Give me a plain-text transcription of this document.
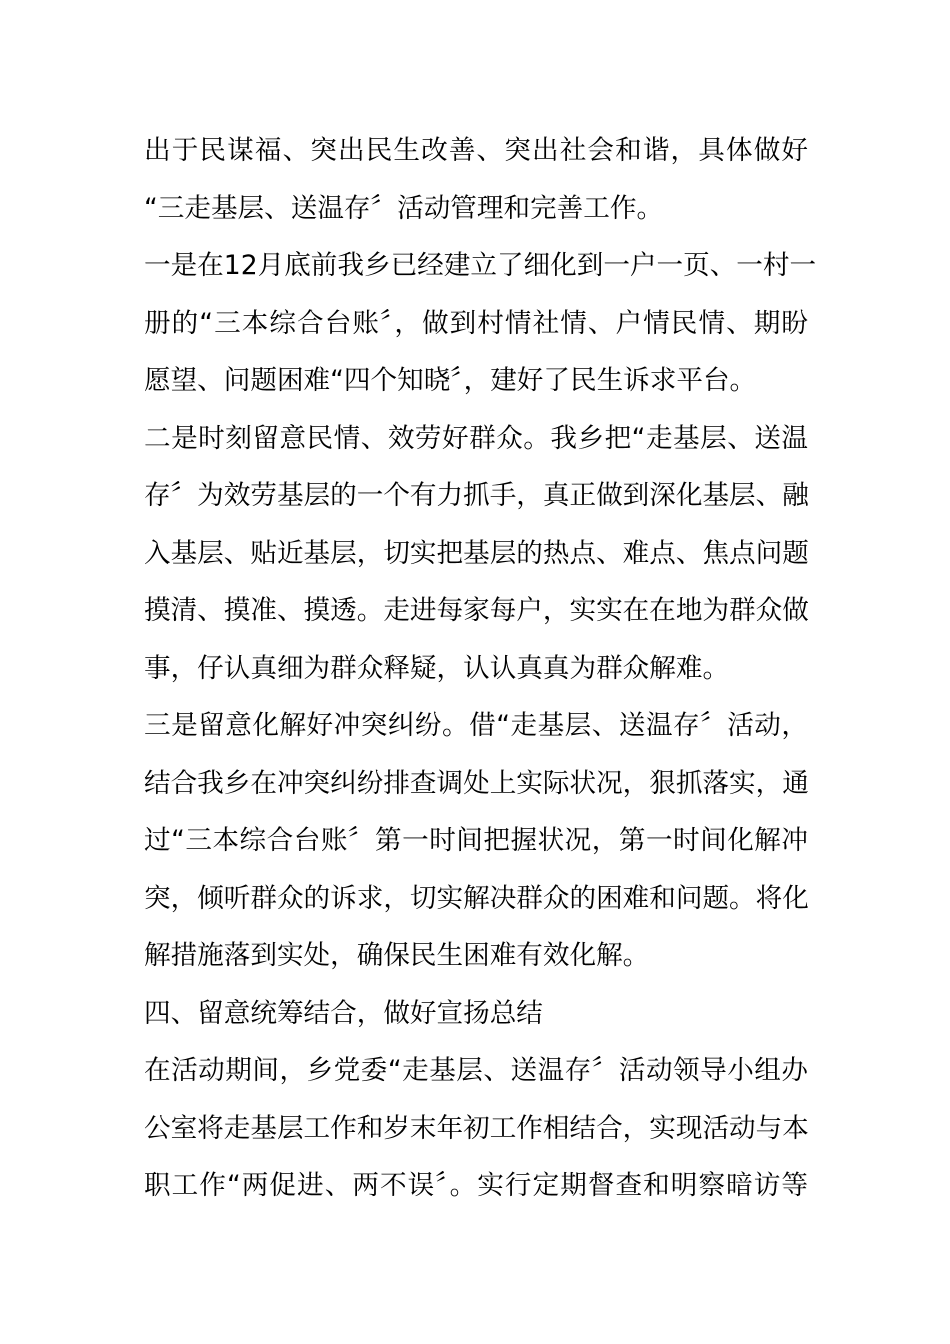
出于民谋福、突出民生改善、突出社会和谐，具体做好
“三走基层、送温存〞活动管理和完善工作。
一是在12月底前我乡已经建立了细化到一户一页、一村一
册的“三本综合台账〞，做到村情社情、户情民情、期盼
愿望、问题困难“四个知晓〞，建好了民生诉求平台。
二是时刻留意民情、效劳好群众。我乡把“走基层、送温
存〞为效劳基层的一个有力抓手，真正做到深化基层、融
入基层、贴近基层，切实把基层的热点、难点、焦点问题
摸清、摸准、摸透。走进每家每户，实实在在地为群众做
事，仔认真细为群众释疑，认认真真为群众解难。
三是留意化解好冲突纠纷。借“走基层、送温存〞活动，
结合我乡在冲突纠纷排查调处上实际状况，狠抓落实，通
过“三本综合台账〞第一时间把握状况，第一时间化解冲
突，倾听群众的诉求，切实解决群众的困难和问题。将化
解措施落到实处，确保民生困难有效化解。
四、留意统筹结合，做好宣扬总结
在活动期间，乡党委“走基层、送温存〞活动领导小组办
公室将走基层工作和岁末年初工作相结合，实现活动与本
职工作“两促进、两不误〞。实行定期督查和明察暗访等
